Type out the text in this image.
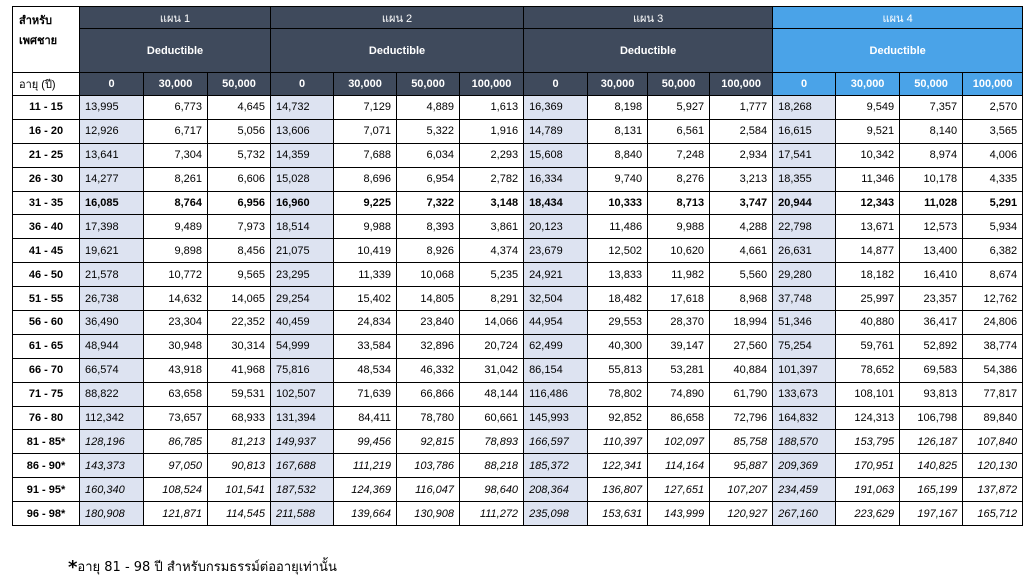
สำหรับ
เพศชาย	แผน 1			แผน 2				แผน 3				แผน 4			
	Deductible			Deductible				Deductible				Deductible			
อายุ (ปี)	0	30,000	50,000	0	30,000	50,000	100,000	0	30,000	50,000	100,000	0	30,000	50,000	100,000
11 - 15	13,995	6,773	4,645	14,732	7,129	4,889	1,613	16,369	8,198	5,927	1,777	18,268	9,549	7,357	2,570
16 - 20	12,926	6,717	5,056	13,606	7,071	5,322	1,916	14,789	8,131	6,561	2,584	16,615	9,521	8,140	3,565
21 - 25	13,641	7,304	5,732	14,359	7,688	6,034	2,293	15,608	8,840	7,248	2,934	17,541	10,342	8,974	4,006
26 - 30	14,277	8,261	6,606	15,028	8,696	6,954	2,782	16,334	9,740	8,276	3,213	18,355	11,346	10,178	4,335
31 - 35	16,085	8,764	6,956	16,960	9,225	7,322	3,148	18,434	10,333	8,713	3,747	20,944	12,343	11,028	5,291
36 - 40	17,398	9,489	7,973	18,514	9,988	8,393	3,861	20,123	11,486	9,988	4,288	22,798	13,671	12,573	5,934
41 - 45	19,621	9,898	8,456	21,075	10,419	8,926	4,374	23,679	12,502	10,620	4,661	26,631	14,877	13,400	6,382
46 - 50	21,578	10,772	9,565	23,295	11,339	10,068	5,235	24,921	13,833	11,982	5,560	29,280	18,182	16,410	8,674
51 - 55	26,738	14,632	14,065	29,254	15,402	14,805	8,291	32,504	18,482	17,618	8,968	37,748	25,997	23,357	12,762
56 - 60	36,490	23,304	22,352	40,459	24,834	23,840	14,066	44,954	29,553	28,370	18,994	51,346	40,880	36,417	24,806
61 - 65	48,944	30,948	30,314	54,999	33,584	32,896	20,724	62,499	40,300	39,147	27,560	75,254	59,761	52,892	38,774
66 - 70	66,574	43,918	41,968	75,816	48,534	46,332	31,042	86,154	55,813	53,281	40,884	101,397	78,652	69,583	54,386
71 - 75	88,822	63,658	59,531	102,507	71,639	66,866	48,144	116,486	78,802	74,890	61,790	133,673	108,101	93,813	77,817
76 - 80	112,342	73,657	68,933	131,394	84,411	78,780	60,661	145,993	92,852	86,658	72,796	164,832	124,313	106,798	89,840
81 - 85*	128,196	86,785	81,213	149,937	99,456	92,815	78,893	166,597	110,397	102,097	85,758	188,570	153,795	126,187	107,840
86 - 90*	143,373	97,050	90,813	167,688	111,219	103,786	88,218	185,372	122,341	114,164	95,887	209,369	170,951	140,825	120,130
91 - 95*	160,340	108,524	101,541	187,532	124,369	116,047	98,640	208,364	136,807	127,651	107,207	234,459	191,063	165,199	137,872
96 - 98*	180,908	121,871	114,545	211,588	139,664	130,908	111,272	235,098	153,631	143,999	120,927	267,160	223,629	197,167	165,712
*อายุ 81 - 98 ปี สำหรับกรมธรรม์ต่ออายุเท่านั้น
